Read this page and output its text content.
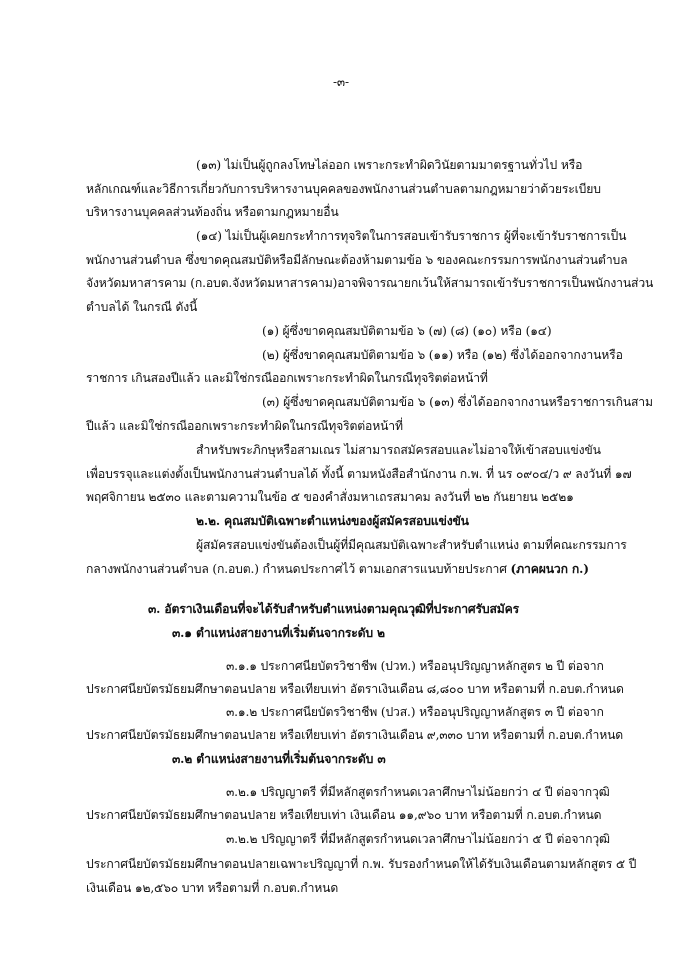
-๓-
(๑๓) ไม่เป็นผู้ถูกลงโทษไล่ออก เพราะกระทำผิดวินัยตามมาตรฐานทั่วไป หรือ
หลักเกณฑ์และวิธีการเกี่ยวกับการบริหารงานบุคคลของพนักงานส่วนตำบลตามกฎหมายว่าด้วยระเบียบ
บริหารงานบุคคลส่วนท้องถิ่น หรือตามกฎหมายอื่น
(๑๔) ไม่เป็นผู้เคยกระทำการทุจริตในการสอบเข้ารับราชการ ผู้ที่จะเข้ารับราชการเป็น
พนักงานส่วนตำบล ซึ่งขาดคุณสมบัติหรือมีลักษณะต้องห้ามตามข้อ ๖ ของคณะกรรมการพนักงานส่วนตำบล
จังหวัดมหาสารคาม (ก.อบต.จังหวัดมหาสารคาม)อาจพิจารณายกเว้นให้สามารถเข้ารับราชการเป็นพนักงานส่วน
ตำบลได้ ในกรณี ดังนี้
(๑) ผู้ซึ่งขาดคุณสมบัติตามข้อ ๖ (๗) (๘) (๑๐) หรือ (๑๔)
(๒) ผู้ซึ่งขาดคุณสมบัติตามข้อ ๖ (๑๑) หรือ (๑๒) ซึ่งได้ออกจากงานหรือ
ราชการ เกินสองปีแล้ว และมิใช่กรณีออกเพราะกระทำผิดในกรณีทุจริตต่อหน้าที่
(๓) ผู้ซึ่งขาดคุณสมบัติตามข้อ ๖ (๑๓) ซึ่งได้ออกจากงานหรือราชการเกินสาม
ปีแล้ว และมิใช่กรณีออกเพราะกระทำผิดในกรณีทุจริตต่อหน้าที่
สำหรับพระภิกษุหรือสามเณร ไม่สามารถสมัครสอบและไม่อาจให้เข้าสอบแข่งขัน
เพื่อบรรจุและแต่งตั้งเป็นพนักงานส่วนตำบลได้ ทั้งนี้ ตามหนังสือสำนักงาน ก.พ. ที่ นร ๐๙๐๔/ว ๙ ลงวันที่ ๑๗
พฤศจิกายน ๒๕๓๐ และตามความในข้อ ๕ ของคำสั่งมหาเถรสมาคม ลงวันที่ ๒๒ กันยายน ๒๕๒๑
๒.๒. คุณสมบัติเฉพาะตำแหน่งของผู้สมัครสอบแข่งขัน
ผู้สมัครสอบแข่งขันต้องเป็นผู้ที่มีคุณสมบัติเฉพาะสำหรับตำแหน่ง ตามที่คณะกรรมการ
กลางพนักงานส่วนตำบล (ก.อบต.) กำหนดประกาศไว้ ตามเอกสารแนบท้ายประกาศ (ภาคผนวก ก.)
๓. อัตราเงินเดือนที่จะได้รับสำหรับตำแหน่งตามคุณวุฒิที่ประกาศรับสมัคร
๓.๑ ตำแหน่งสายงานที่เริ่มต้นจากระดับ ๒
๓.๑.๑ ประกาศนียบัตรวิชาชีพ (ปวท.) หรืออนุปริญญาหลักสูตร ๒ ปี ต่อจาก
ประกาศนียบัตรมัธยมศึกษาตอนปลาย หรือเทียบเท่า อัตราเงินเดือน ๘,๘๐๐ บาท หรือตามที่ ก.อบต.กำหนด
๓.๑.๒ ประกาศนียบัตรวิชาชีพ (ปวส.) หรืออนุปริญญาหลักสูตร ๓ ปี ต่อจาก
ประกาศนียบัตรมัธยมศึกษาตอนปลาย หรือเทียบเท่า อัตราเงินเดือน ๙,๓๓๐ บาท หรือตามที่ ก.อบต.กำหนด
๓.๒ ตำแหน่งสายงานที่เริ่มต้นจากระดับ ๓
๓.๒.๑ ปริญญาตรี ที่มีหลักสูตรกำหนดเวลาศึกษาไม่น้อยกว่า ๔ ปี ต่อจากวุฒิ
ประกาศนียบัตรมัธยมศึกษาตอนปลาย หรือเทียบเท่า เงินเดือน ๑๑,๙๖๐ บาท หรือตามที่ ก.อบต.กำหนด
๓.๒.๒ ปริญญาตรี ที่มีหลักสูตรกำหนดเวลาศึกษาไม่น้อยกว่า ๕ ปี ต่อจากวุฒิ
ประกาศนียบัตรมัธยมศึกษาตอนปลายเฉพาะปริญญาที่ ก.พ. รับรองกำหนดให้ได้รับเงินเดือนตามหลักสูตร ๕ ปี
เงินเดือน ๑๒,๕๖๐ บาท หรือตามที่ ก.อบต.กำหนด
